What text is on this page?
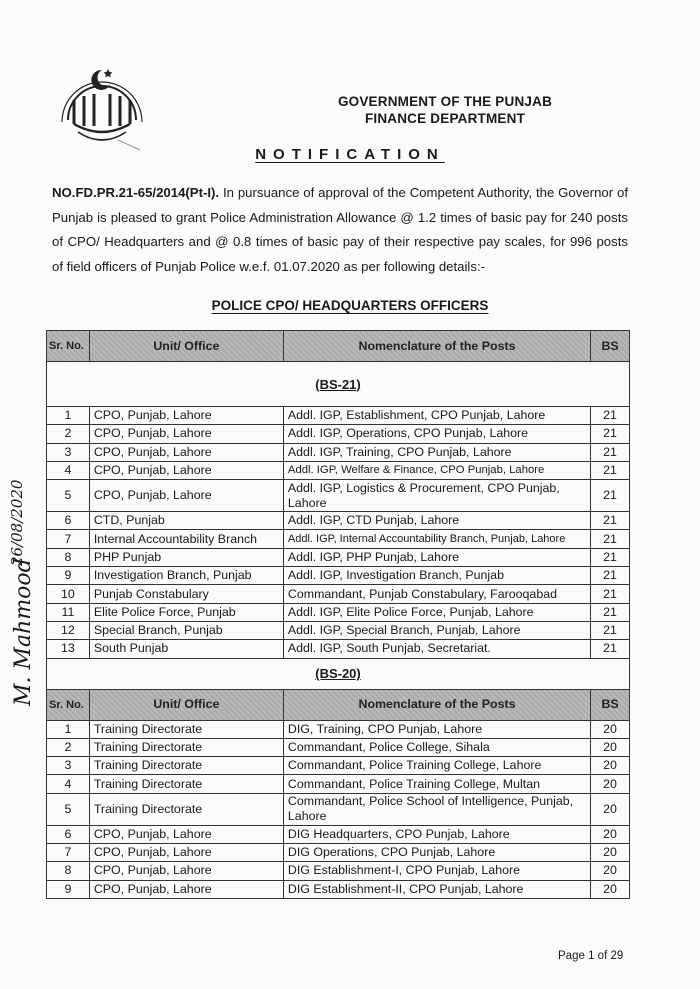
GOVERNMENT OF THE PUNJAB
FINANCE DEPARTMENT
NOTIFICATION
NO.FD.PR.21-65/2014(Pt-I). In pursuance of approval of the Competent Authority, the Governor of Punjab is pleased to grant Police Administration Allowance @ 1.2 times of basic pay for 240 posts of CPO/ Headquarters and @ 0.8 times of basic pay of their respective pay scales, for 996 posts of field officers of Punjab Police w.e.f. 01.07.2020 as per following details:-
POLICE CPO/ HEADQUARTERS OFFICERS
M. Mahmood
26/08/2020
Sr. No.	Unit/ Office	Nomenclature of the Posts	BS
(BS-21)			
1	CPO, Punjab, Lahore	Addl. IGP, Establishment, CPO Punjab, Lahore	21
2	CPO, Punjab, Lahore	Addl. IGP, Operations, CPO Punjab, Lahore	21
3	CPO, Punjab, Lahore	Addl. IGP, Training, CPO Punjab, Lahore	21
4	CPO, Punjab, Lahore	Addl. IGP, Welfare & Finance, CPO Punjab, Lahore	21
5	CPO, Punjab, Lahore	Addl. IGP, Logistics & Procurement, CPO Punjab, Lahore	21
6	CTD, Punjab	Addl. IGP, CTD Punjab, Lahore	21
7	Internal Accountability Branch	Addl. IGP, Internal Accountability Branch, Punjab, Lahore	21
8	PHP Punjab	Addl. IGP, PHP Punjab, Lahore	21
9	Investigation Branch, Punjab	Addl. IGP, Investigation Branch, Punjab	21
10	Punjab Constabulary	Commandant, Punjab Constabulary, Farooqabad	21
11	Elite Police Force, Punjab	Addl. IGP, Elite Police Force, Punjab, Lahore	21
12	Special Branch, Punjab	Addl. IGP, Special Branch, Punjab, Lahore	21
13	South Punjab	Addl. IGP, South Punjab, Secretariat.	21
(BS-20)			
Sr. No.	Unit/ Office	Nomenclature of the Posts	BS
1	Training Directorate	DIG, Training, CPO Punjab, Lahore	20
2	Training Directorate	Commandant, Police College, Sihala	20
3	Training Directorate	Commandant, Police Training College, Lahore	20
4	Training Directorate	Commandant, Police Training College, Multan	20
5	Training Directorate	Commandant, Police School of Intelligence, Punjab, Lahore	20
6	CPO, Punjab, Lahore	DIG Headquarters, CPO Punjab, Lahore	20
7	CPO, Punjab, Lahore	DIG Operations, CPO Punjab, Lahore	20
8	CPO, Punjab, Lahore	DIG Establishment-I, CPO Punjab, Lahore	20
9	CPO, Punjab, Lahore	DIG Establishment-II, CPO Punjab, Lahore	20
Page 1 of 29
